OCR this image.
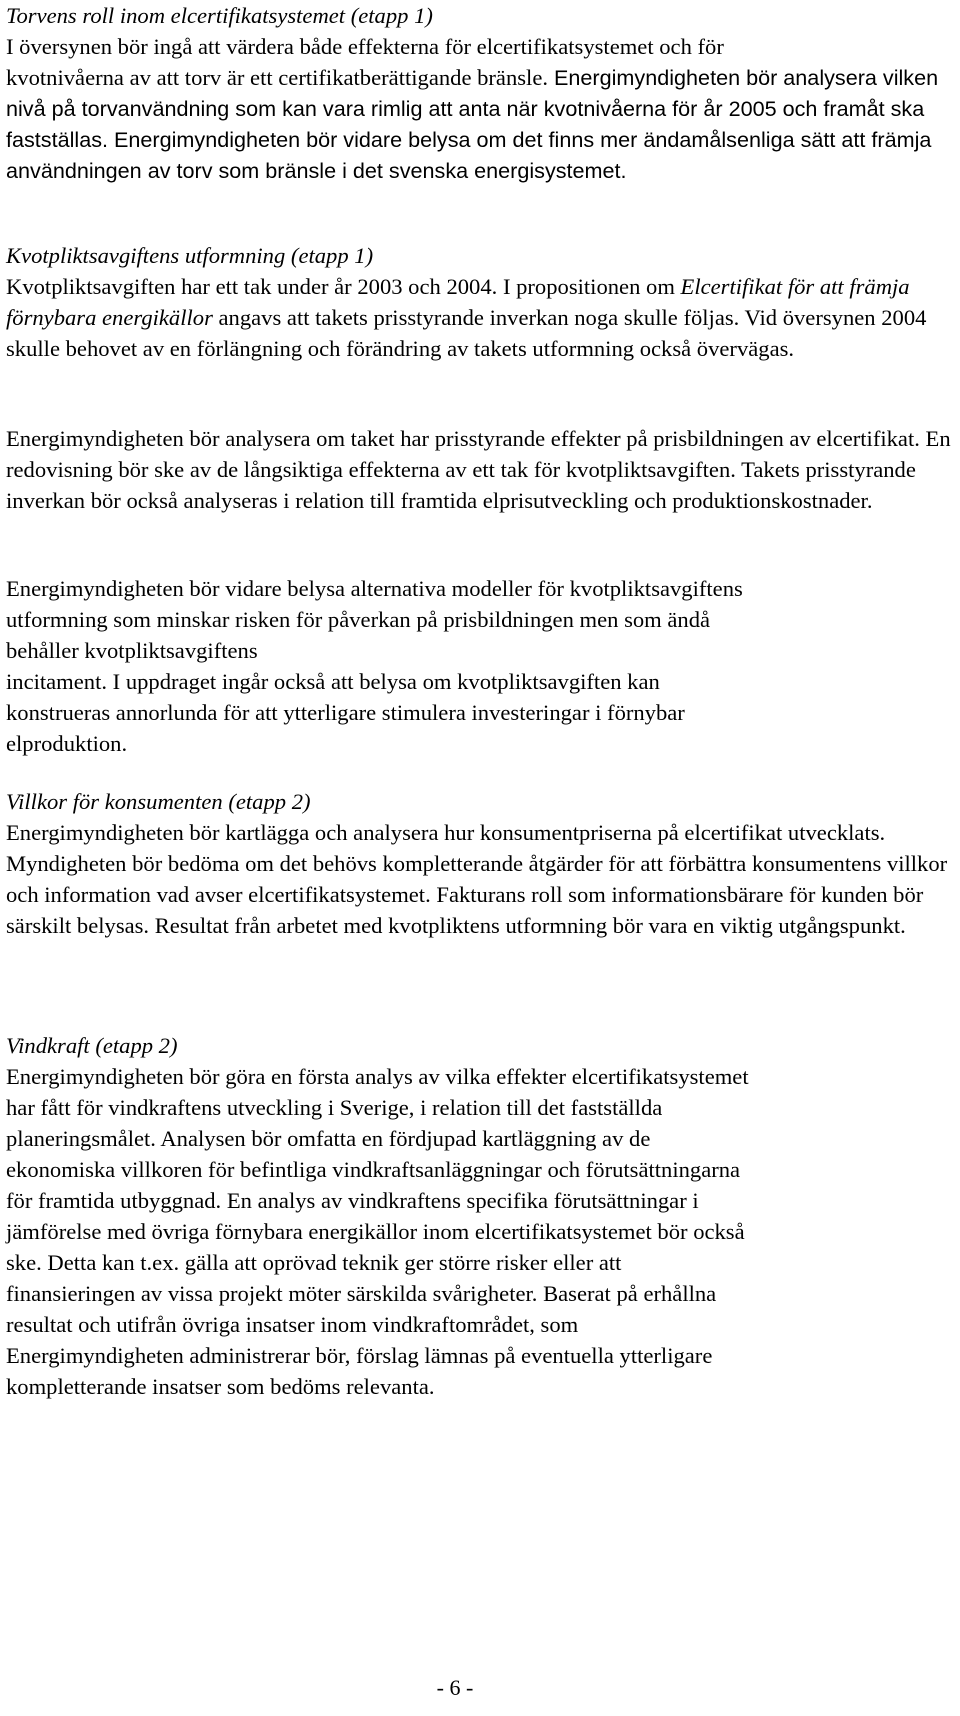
Torvens roll inom elcertifikatsystemet (etapp 1)

I översynen bör ingå att värdera både effekterna för elcertifikatsystemet och för
kvotnivåerna av att torv är ett certifikatberättigande bränsle. Energimyndigheten bör analysera vilken nivå på torvanvändning som kan vara rimlig att anta när kvotnivåerna för år 2005 och framåt ska fastställas. Energimyndigheten bör vidare belysa om det finns mer ändamålsenliga sätt att främja användningen av torv som bränsle i det svenska energisystemet.

Kvotpliktsavgiftens utformning (etapp 1)

Kvotpliktsavgiften har ett tak under år 2003 och 2004. I propositionen om Elcertifikat för att främja förnybara energikällor angavs att takets prisstyrande inverkan noga skulle följas. Vid översynen 2004 skulle behovet av en förlängning och förändring av takets utformning också övervägas.

Energimyndigheten bör analysera om taket har prisstyrande effekter på prisbildningen av elcertifikat. En redovisning bör ske av de långsiktiga effekterna av ett tak för kvotpliktsavgiften. Takets prisstyrande inverkan bör också analyseras i relation till framtida elprisutveckling och produktionskostnader.

Energimyndigheten bör vidare belysa alternativa modeller för kvotpliktsavgiftens
utformning som minskar risken för påverkan på prisbildningen men som ändå
behåller kvotpliktsavgiftens
incitament. I uppdraget ingår också att belysa om kvotpliktsavgiften kan
konstrueras annorlunda för att ytterligare stimulera investeringar i förnybar
elproduktion.

Villkor för konsumenten (etapp 2)

Energimyndigheten bör kartlägga och analysera hur konsumentpriserna på elcertifikat utvecklats. Myndigheten bör bedöma om det behövs kompletterande åtgärder för att förbättra konsumentens villkor och information vad avser elcertifikatsystemet. Fakturans roll som informationsbärare för kunden bör särskilt belysas. Resultat från arbetet med kvotpliktens utformning bör vara en viktig utgångspunkt.

Vindkraft (etapp 2)

Energimyndigheten bör göra en första analys av vilka effekter elcertifikatsystemet
har fått för vindkraftens utveckling i Sverige, i relation till det fastställda
planeringsmålet. Analysen bör omfatta en fördjupad kartläggning av de
ekonomiska villkoren för befintliga vindkraftsanläggningar och förutsättningarna
för framtida utbyggnad. En analys av vindkraftens specifika förutsättningar i
jämförelse med övriga förnybara energikällor inom elcertifikatsystemet bör också
ske. Detta kan t.ex. gälla att oprövad teknik ger större risker eller att
finansieringen av vissa projekt möter särskilda svårigheter. Baserat på erhållna
resultat och utifrån övriga insatser inom vindkraftområdet, som
Energimyndigheten administrerar bör, förslag lämnas på eventuella ytterligare
kompletterande insatser som bedöms relevanta.

- 6 -
